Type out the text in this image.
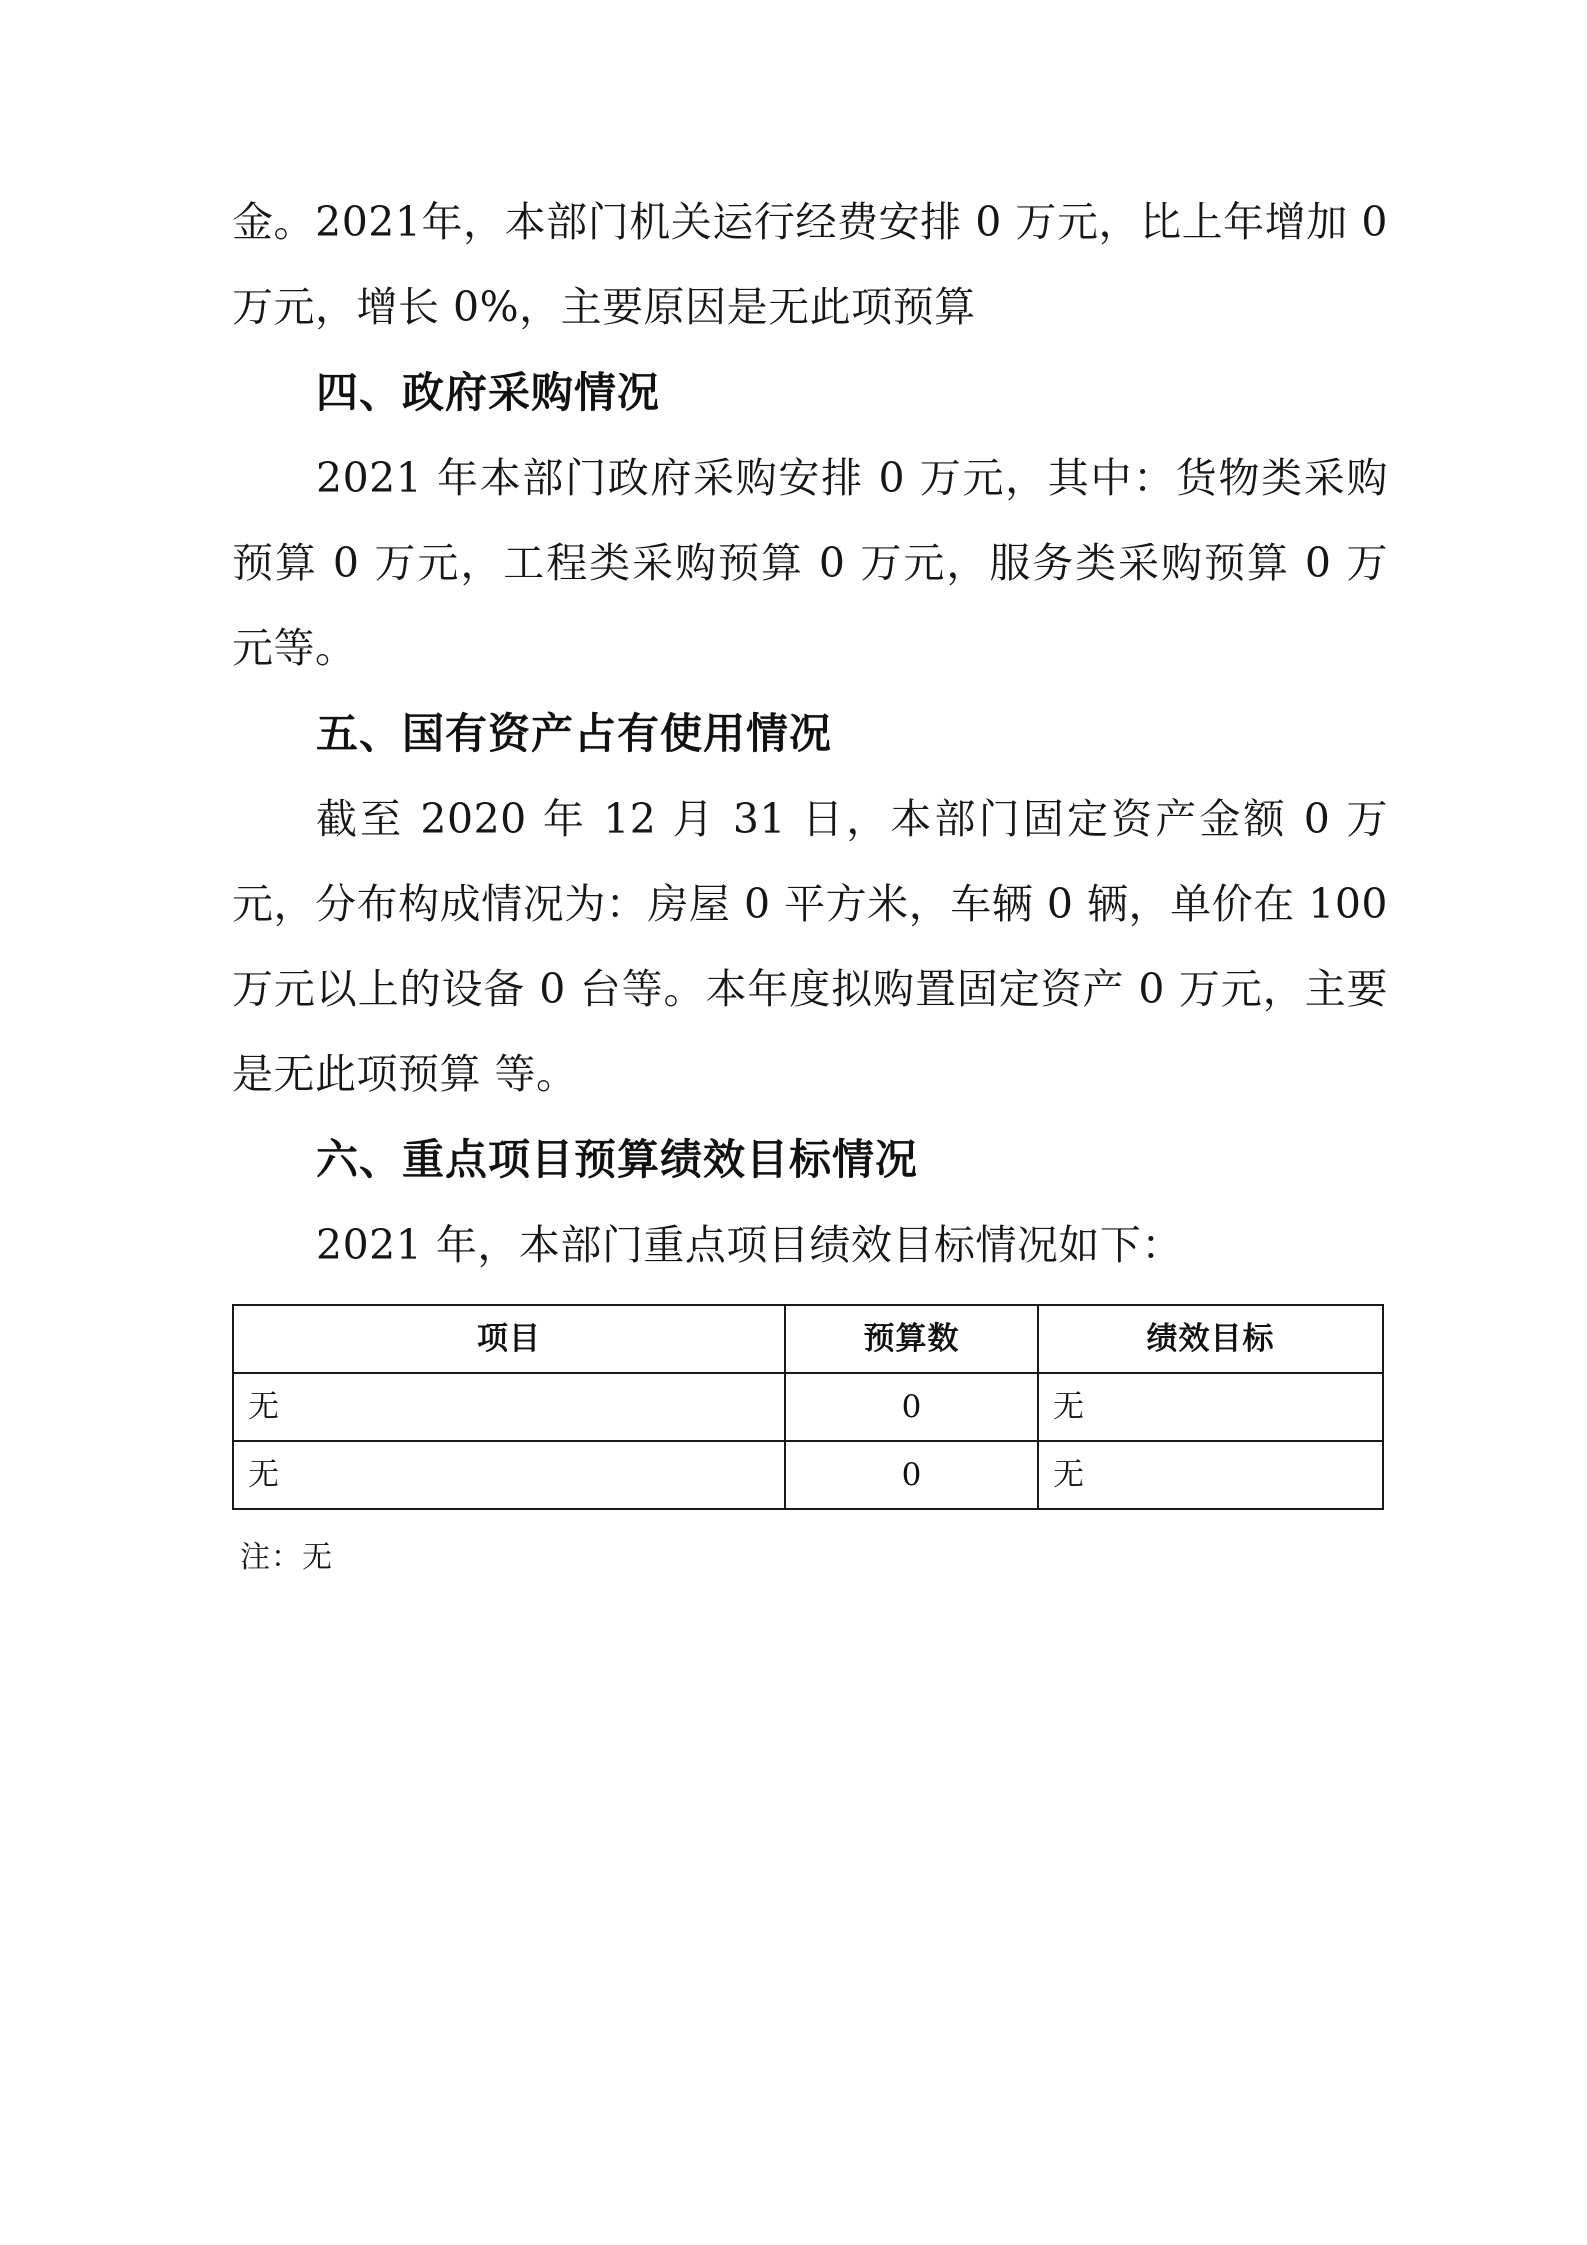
金。2021年，本部门机关运行经费安排 0 万元，比上年增加 0 万元，增长 0%，主要原因是无此项预算

四、政府采购情况

2021 年本部门政府采购安排 0 万元，其中：货物类采购预算 0 万元，工程类采购预算 0 万元，服务类采购预算 0 万元等。

五、国有资产占有使用情况

截至 2020 年 12 月 31 日，本部门固定资产金额 0 万元，分布构成情况为：房屋 0 平方米，车辆 0 辆，单价在 100 万元以上的设备 0 台等。本年度拟购置固定资产 0 万元，主要是无此项预算 等。

六、重点项目预算绩效目标情况

2021 年，本部门重点项目绩效目标情况如下：

项目	预算数	绩效目标
无	0	无
无	0	无

注：无
